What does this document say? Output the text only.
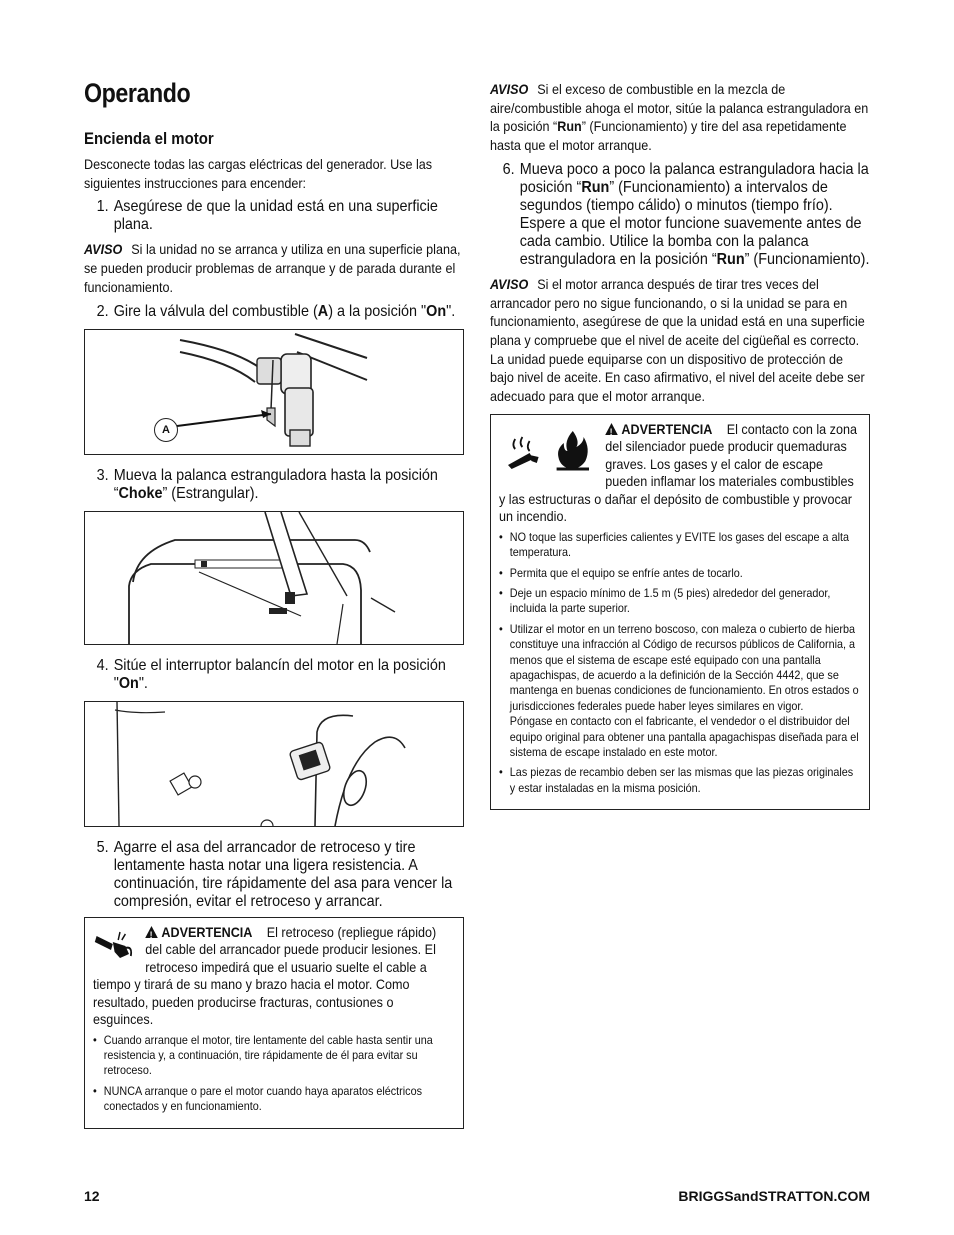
Operando
Encienda el motor

Desconecte todas las cargas eléctricas del generador. Use las siguientes instrucciones para encender:

1. Asegúrese de que la unidad está en una superficie plana.

AVISO Si la unidad no se arranca y utiliza en una superficie plana, se pueden producir problemas de arranque y de parada durante el funcionamiento.

2. Gire la válvula del combustible (A) a la posición "On".
A
3. Mueva la palanca estranguladora hasta la posición “Choke” (Estrangular).
4. Sitúe el interruptor balancín del motor en la posición "On".
5. Agarre el asa del arrancador de retroceso y tire lentamente hasta notar una ligera resistencia. A continuación, tire rápidamente del asa para vencer la compresión, evitar el retroceso y arrancar.
!ADVERTENCIA El retroceso (repliegue rápido) del cable del arrancador puede producir lesiones. El retroceso impedirá que el usuario suelte el cable a tiempo y tirará de su mano y brazo hacia el motor. Como resultado, pueden producirse fracturas, contusiones o esguinces.
• Cuando arranque el motor, tire lentamente del cable hasta sentir una resistencia y, a continuación, tire rápidamente de él para evitar su retroceso.
• NUNCA arranque o pare el motor cuando haya aparatos eléctricos conectados y en funcionamiento.

AVISO Si el exceso de combustible en la mezcla de aire/combustible ahoga el motor, sitúe la palanca estranguladora en la posición “Run” (Funcionamiento) y tire del asa repetidamente hasta que el motor arranque.

6. Mueva poco a poco la palanca estranguladora hacia la posición “Run” (Funcionamiento) a intervalos de segundos (tiempo cálido) o minutos (tiempo frío). Espere a que el motor funcione suavemente antes de cada cambio. Utilice la bomba con la palanca estranguladora en la posición “Run” (Funcionamiento).

AVISO Si el motor arranca después de tirar tres veces del arrancador pero no sigue funcionando, o si la unidad se para en funcionamiento, asegúrese de que la unidad está en una superficie plana y compruebe que el nivel de aceite del cigüeñal es correcto. La unidad puede equiparse con un dispositivo de protección de bajo nivel de aceite. En caso afirmativo, el nivel del aceite debe ser adecuado para que el motor arranque.

!ADVERTENCIA El contacto con la zona del silenciador puede producir quemaduras graves. Los gases y el calor de escape pueden inflamar los materiales combustibles y las estructuras o dañar el depósito de combustible y provocar un incendio.
• NO toque las superficies calientes y EVITE los gases del escape a alta temperatura.
• Permita que el equipo se enfríe antes de tocarlo.
• Deje un espacio mínimo de 1.5 m (5 pies) alrededor del generador, incluida la parte superior.
• Utilizar el motor en un terreno boscoso, con maleza o cubierto de hierba constituye una infracción al Código de recursos públicos de California, a menos que el sistema de escape esté equipado con una pantalla apagachispas, de acuerdo a la definición de la Sección 4442, que se mantenga en buenas condiciones de funcionamiento. En otros estados o jurisdicciones federales puede haber leyes similares en vigor.
Póngase en contacto con el fabricante, el vendedor o el distribuidor del equipo original para obtener una pantalla apagachispas diseñada para el sistema de escape instalado en este motor.
• Las piezas de recambio deben ser las mismas que las piezas originales y estar instaladas en la misma posición.
12	BRIGGSandSTRATTON.COM
